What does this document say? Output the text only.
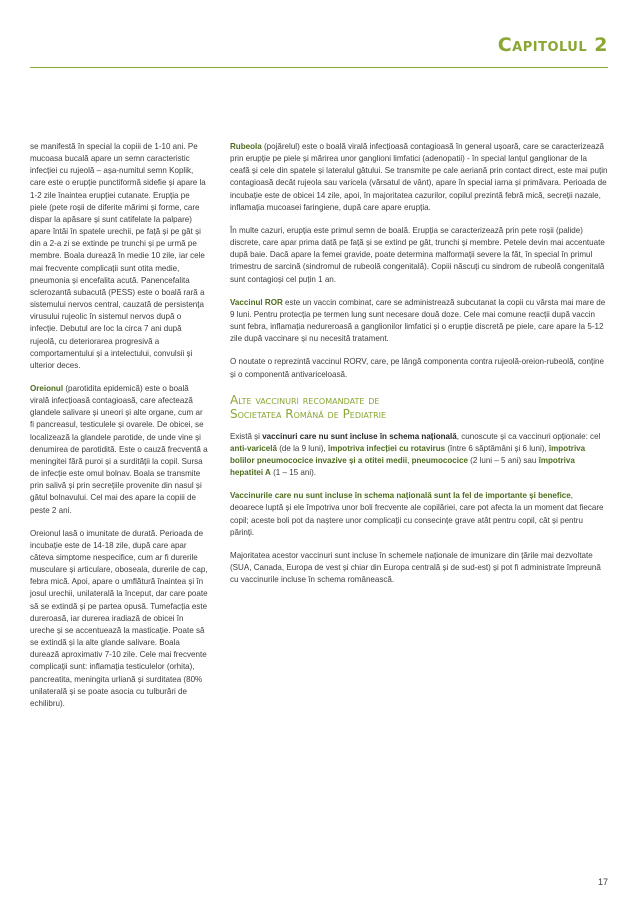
Capitolul 2

se manifestă în special la copiii de 1-10 ani. Pe mucoasa bucală apare un semn caracteristic infecției cu rujeolă – așa-numitul semn Koplik, care este o erupție punctiformă sidefie și apare la 1-2 zile înaintea erupției cutanate. Erupția pe piele (pete roșii de diferite mărimi și forme, care dispar la apăsare și sunt catifelate la palpare) apare întâi în spatele urechii, pe față și pe gât și din a 2-a zi se extinde pe trunchi și pe urmă pe membre. Boala durează în medie 10 zile, iar cele mai frecvente complicații sunt otita medie, pneumonia și encefalita acută. Panencefalita sclerozantă subacută (PESS) este o boală rară a sistemului nervos central, cauzată de persistența virusului rujeolic în sistemul nervos după o infecție. Debutul are loc la circa 7 ani după rujeolă, cu deteriorarea progresivă a comportamentului și a intelectului, convulsii și ulterior deces.

Oreionul (parotidita epidemică) este o boală virală infecțioasă contagioasă, care afectează glandele salivare și uneori și alte organe, cum ar fi pancreasul, testiculele și ovarele. De obicei, se localizează la glandele parotide, de unde vine și denumirea de parotidită. Este o cauză frecventă a meningitei fără puroi și a surdității la copil. Sursa de infecție este omul bolnav. Boala se transmite prin salivă și prin secrețiile provenite din nasul și gâtul bolnavului. Cel mai des apare la copiii de peste 2 ani.

Oreionul lasă o imunitate de durată. Perioada de incubație este de 14-18 zile, după care apar câteva simptome nespecifice, cum ar fi durerile musculare și articulare, oboseala, durerile de cap, febra mică. Apoi, apare o umflătură înaintea și în josul urechii, unilaterală la început, dar care poate să se extindă și pe partea opusă. Tumefacția este dureroasă, iar durerea iradiază de obicei în ureche și se accentuează la masticație. Poate să se extindă și la alte glande salivare. Boala durează aproximativ 7-10 zile. Cele mai frecvente complicații sunt: inflamația testiculelor (orhita), pancreatita, meningita urliană și surditatea (80% unilaterală și se poate asocia cu tulburări de echilibru).

Rubeola (pojărelul) este o boală virală infecțioasă contagioasă în general ușoară, care se caracterizează prin erupție pe piele și mărirea unor ganglioni limfatici (adenopatii) - în special lanțul ganglionar de la ceafă și cele din spatele și lateralul gâtului. Se transmite pe cale aeriană prin contact direct, este mai puțin contagioasă decât rujeola sau varicela (vărsatul de vânt), apare în special iarna și primăvara. Perioada de incubație este de obicei 14 zile, apoi, în majoritatea cazurilor, copilul prezintă febră mică, secreții nazale, inflamația mucoasei faringiene, după care apare erupția.

În multe cazuri, erupția este primul semn de boală. Erupția se caracterizează prin pete roșii (palide) discrete, care apar prima dată pe față și se extind pe gât, trunchi și membre. Petele devin mai accentuate după baie. Dacă apare la femei gravide, poate determina malformații severe la făt, în special în primul trimestru de sarcină (sindromul de rubeolă congenitală). Copiii născuți cu sindrom de rubeolă congenitală sunt contagioși cel puțin 1 an.

Vaccinul ROR este un vaccin combinat, care se administrează subcutanat la copii cu vârsta mai mare de 9 luni. Pentru protecția pe termen lung sunt necesare două doze. Cele mai comune reacții după vaccin sunt febra, inflamația nedureroasă a ganglionilor limfatici și o erupție discretă pe piele, care apare la 5-12 zile după vaccinare și nu necesită tratament.

O noutate o reprezintă vaccinul RORV, care, pe lângă componenta contra rujeolă-oreion-rubeolă, conține și o componentă antivariceloasă.

Alte vaccinuri recomandate de
Societatea Română de Pediatrie

Există și vaccinuri care nu sunt incluse în schema națională, cunoscute și ca vaccinuri opționale: cel anti-varicelă (de la 9 luni), împotriva infecției cu rotavirus (între 6 săptămâni și 6 luni), împotriva bolilor pneumococice invazive și a otitei medii, pneumococice (2 luni – 5 ani) sau împotriva hepatitei A (1 – 15 ani).

Vaccinurile care nu sunt incluse în schema națională sunt la fel de importante și benefice, deoarece luptă și ele împotriva unor boli frecvente ale copilăriei, care pot afecta la un moment dat fiecare copil; aceste boli pot da naștere unor complicații cu consecințe grave atât pentru copil, cât și pentru părinți.

Majoritatea acestor vaccinuri sunt incluse în schemele naționale de imunizare din țările mai dezvoltate (SUA, Canada, Europa de vest și chiar din Europa centrală și de sud-est) și pot fi administrate împreună cu vaccinurile incluse în schema românească.

17
